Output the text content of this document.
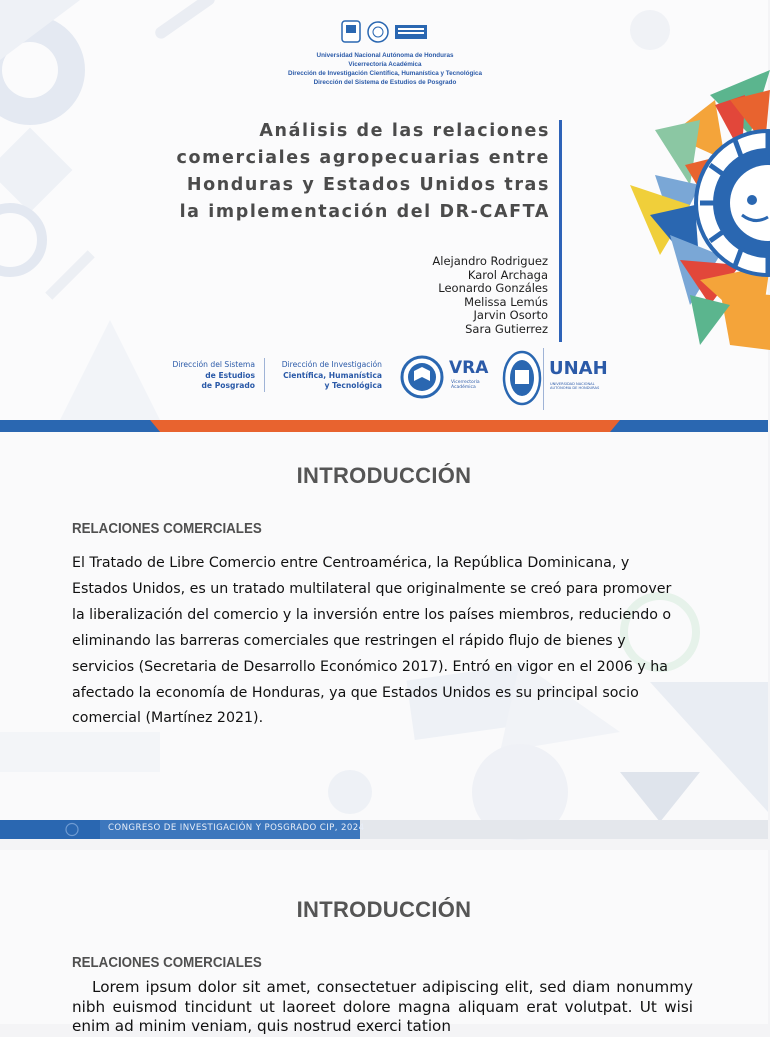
Universidad Nacional Autónoma de Honduras
Vicerrectoría Académica
Dirección de Investigación Científica, Humanística y Tecnológica
Dirección del Sistema de Estudios de Posgrado
Análisis de las relaciones
comerciales agropecuarias entre
Honduras y Estados Unidos tras
la implementación del DR-CAFTA
Alejandro Rodriguez
Karol Archaga
Leonardo Gonzáles
Melissa Lemús
Jarvin Osorto
Sara Gutierrez
Dirección del Sistema
de Estudios
de Posgrado
Dirección de Investigación
Científica, Humanística
y Tecnológica
VRA
Vicerrectoría
Académica
UNAH
UNIVERSIDAD NACIONAL
AUTÓNOMA DE HONDURAS
INTRODUCCIÓN
RELACIONES COMERCIALES
El Tratado de Libre Comercio entre Centroamérica, la República Dominicana, y
Estados Unidos, es un tratado multilateral que originalmente se creó para promover
la liberalización del comercio y la inversión entre los países miembros, reduciendo o
eliminando las barreras comerciales que restringen el rápido flujo de bienes y
servicios (Secretaria de Desarrollo Económico 2017). Entró en vigor en el 2006 y ha
afectado la economía de Honduras, ya que Estados Unidos es su principal socio
comercial (Martínez 2021).
CONGRESO DE INVESTIGACIÓN Y POSGRADO CIP, 2024
INTRODUCCIÓN
RELACIONES COMERCIALES
Lorem ipsum dolor sit amet, consectetuer adipiscing elit, sed diam nonummy nibh euismod tincidunt ut laoreet dolore magna aliquam erat volutpat. Ut wisi enim ad minim veniam, quis nostrud exerci tation
